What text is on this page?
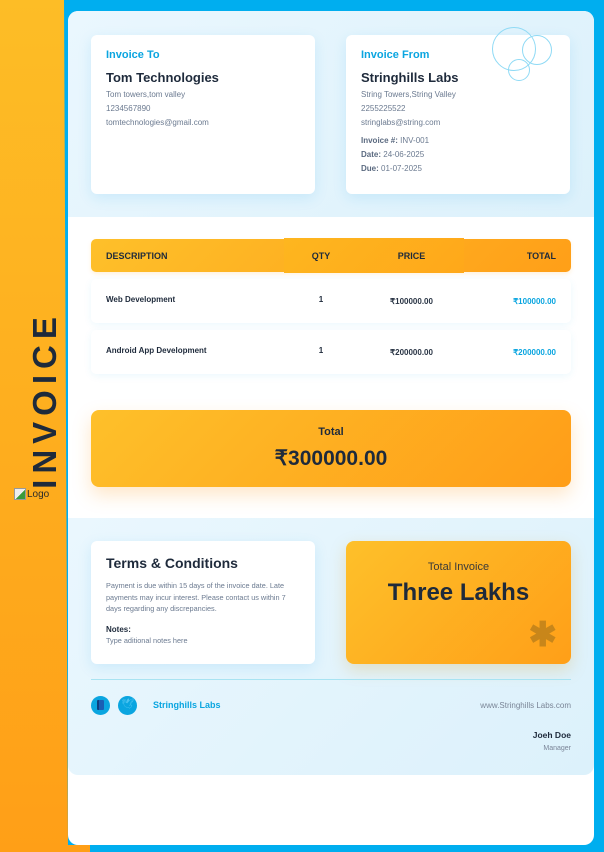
INVOICE
Logo
Invoice To
Tom Technologies
Tom towers,tom valley
1234567890
tomtechnologies@gmail.com
Invoice From
Stringhills Labs
String Towers,String Valley
2255225522
stringlabs@string.com
Invoice #: INV-001
Date: 24-06-2025
Due: 01-07-2025
DESCRIPTION	QTY	PRICE	TOTAL
Web Development	1	₹100000.00	₹100000.00
Android App Development	1	₹200000.00	₹200000.00
Total
₹300000.00
Terms & Conditions
Payment is due within 15 days of the invoice date. Late payments may incur interest. Please contact us within 7 days regarding any discrepancies.
Notes:
Type aditional notes here
Total Invoice
Three Lakhs
✱
🕊 Stringhills Labs	www.Stringhills Labs.com
Joeh Doe
Manager
